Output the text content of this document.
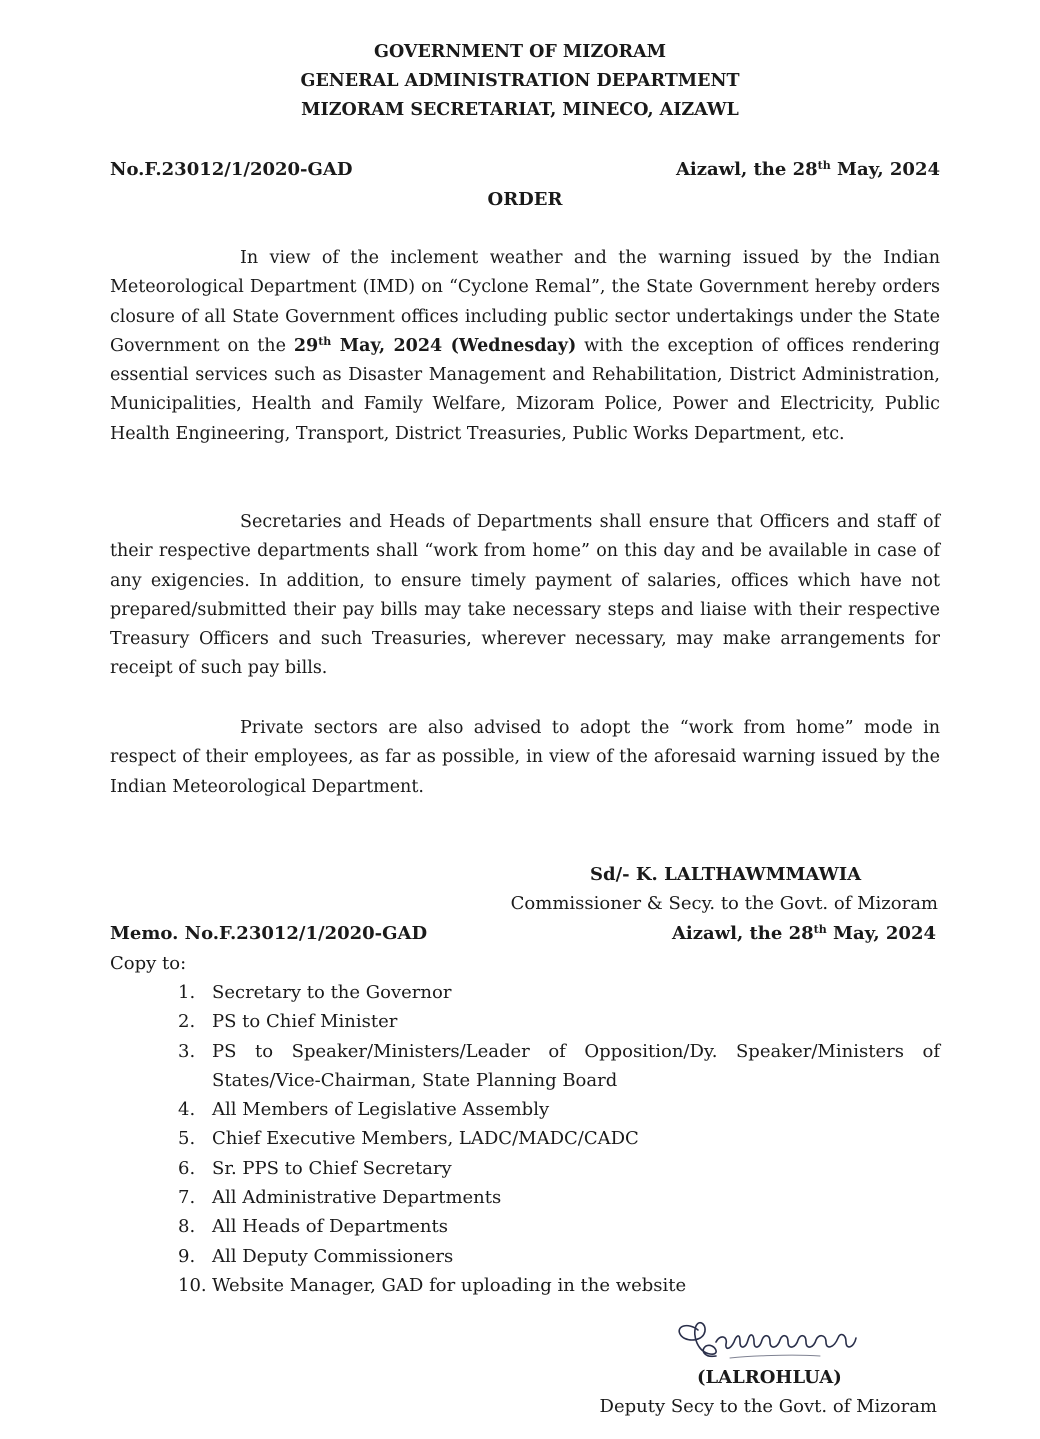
GOVERNMENT OF MIZORAM
GENERAL ADMINISTRATION DEPARTMENT
MIZORAM SECRETARIAT, MINECO, AIZAWL
No.F.23012/1/2020-GAD	Aizawl, the 28th May, 2024
ORDER
In view of the inclement weather and the warning issued by the Indian Meteorological Department (IMD) on “Cyclone Remal”, the State Government hereby orders closure of all State Government offices including public sector undertakings under the State Government on the 29th May, 2024 (Wednesday) with the exception of offices rendering essential services such as Disaster Management and Rehabilitation, District Administration, Municipalities, Health and Family Welfare, Mizoram Police, Power and Electricity, Public Health Engineering, Transport, District Treasuries, Public Works Department, etc.
Secretaries and Heads of Departments shall ensure that Officers and staff of their respective departments shall “work from home” on this day and be available in case of any exigencies. In addition, to ensure timely payment of salaries, offices which have not prepared/submitted their pay bills may take necessary steps and liaise with their respective Treasury Officers and such Treasuries, wherever necessary, may make arrangements for receipt of such pay bills.
Private sectors are also advised to adopt the “work from home” mode in respect of their employees, as far as possible, in view of the aforesaid warning issued by the Indian Meteorological Department.
Sd/- K. LALTHAWMMAWIA
Commissioner & Secy. to the Govt. of Mizoram
Memo. No.F.23012/1/2020-GAD	Aizawl, the 28th May, 2024
Copy to:
1. Secretary to the Governor
2. PS to Chief Minister
3. PS to Speaker/Ministers/Leader of Opposition/Dy. Speaker/Ministers of States/Vice-Chairman, State Planning Board
4. All Members of Legislative Assembly
5. Chief Executive Members, LADC/MADC/CADC
6. Sr. PPS to Chief Secretary
7. All Administrative Departments
8. All Heads of Departments
9. All Deputy Commissioners
10. Website Manager, GAD for uploading in the website
(LALROHLUA)
Deputy Secy to the Govt. of Mizoram
